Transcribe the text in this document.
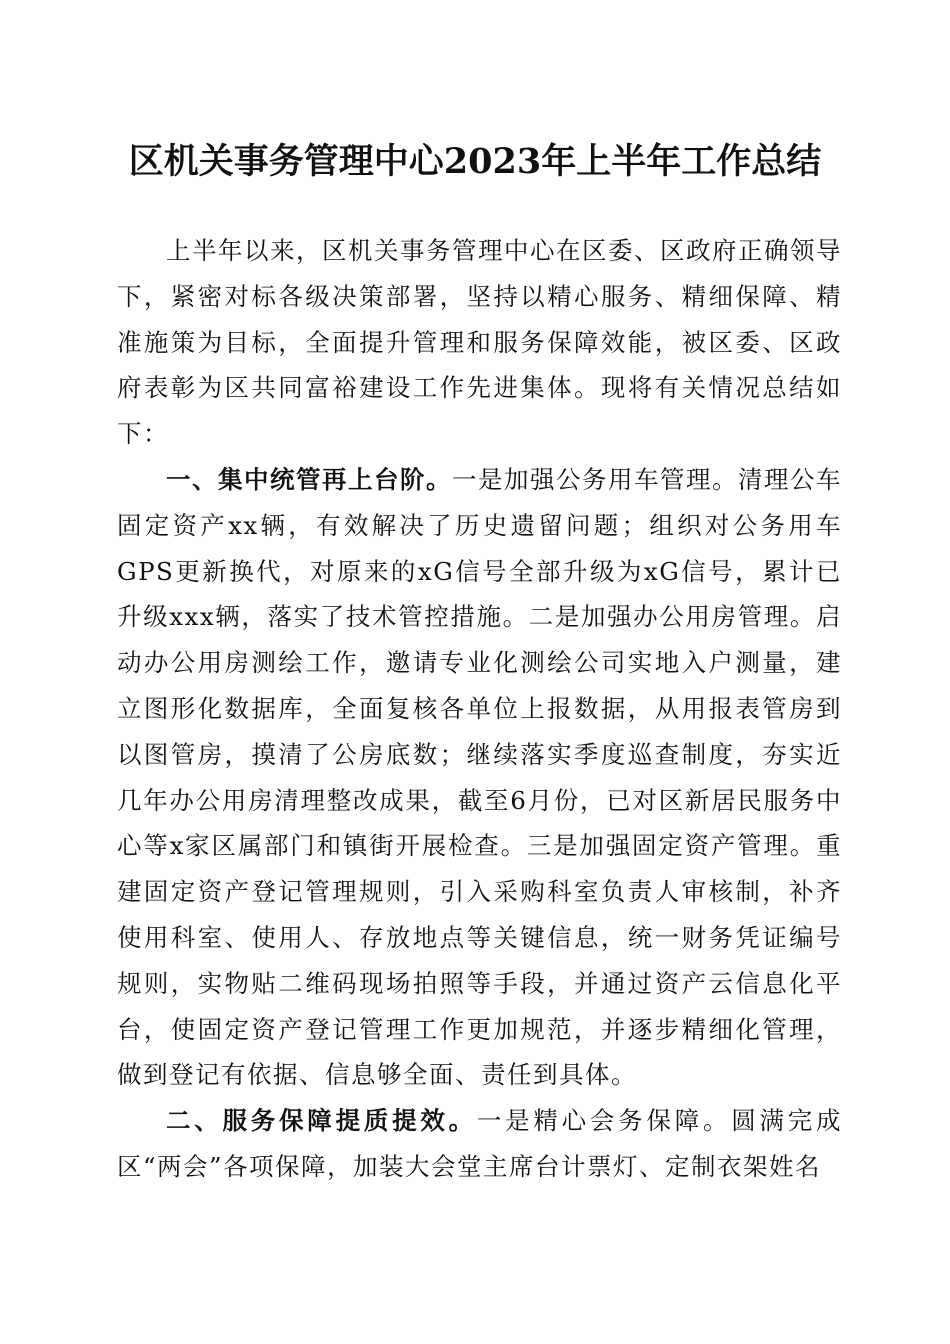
区机关事务管理中心2023年上半年工作总结

上半年以来，区机关事务管理中心在区委、区政府正确领导下，紧密对标各级决策部署，坚持以精心服务、精细保障、精准施策为目标，全面提升管理和服务保障效能，被区委、区政府表彰为区共同富裕建设工作先进集体。现将有关情况总结如下：

一、集中统管再上台阶。一是加强公务用车管理。清理公车固定资产xx辆，有效解决了历史遗留问题；组织对公务用车GPS更新换代，对原来的xG信号全部升级为xG信号，累计已升级xxx辆，落实了技术管控措施。二是加强办公用房管理。启动办公用房测绘工作，邀请专业化测绘公司实地入户测量，建立图形化数据库，全面复核各单位上报数据，从用报表管房到以图管房，摸清了公房底数；继续落实季度巡查制度，夯实近几年办公用房清理整改成果，截至6月份，已对区新居民服务中心等x家区属部门和镇街开展检查。三是加强固定资产管理。重建固定资产登记管理规则，引入采购科室负责人审核制，补齐使用科室、使用人、存放地点等关键信息，统一财务凭证编号规则，实物贴二维码现场拍照等手段，并通过资产云信息化平台，使固定资产登记管理工作更加规范，并逐步精细化管理，做到登记有依据、信息够全面、责任到具体。

二、服务保障提质提效。一是精心会务保障。圆满完成区“两会”各项保障，加装大会堂主席台计票灯、定制衣架姓名
